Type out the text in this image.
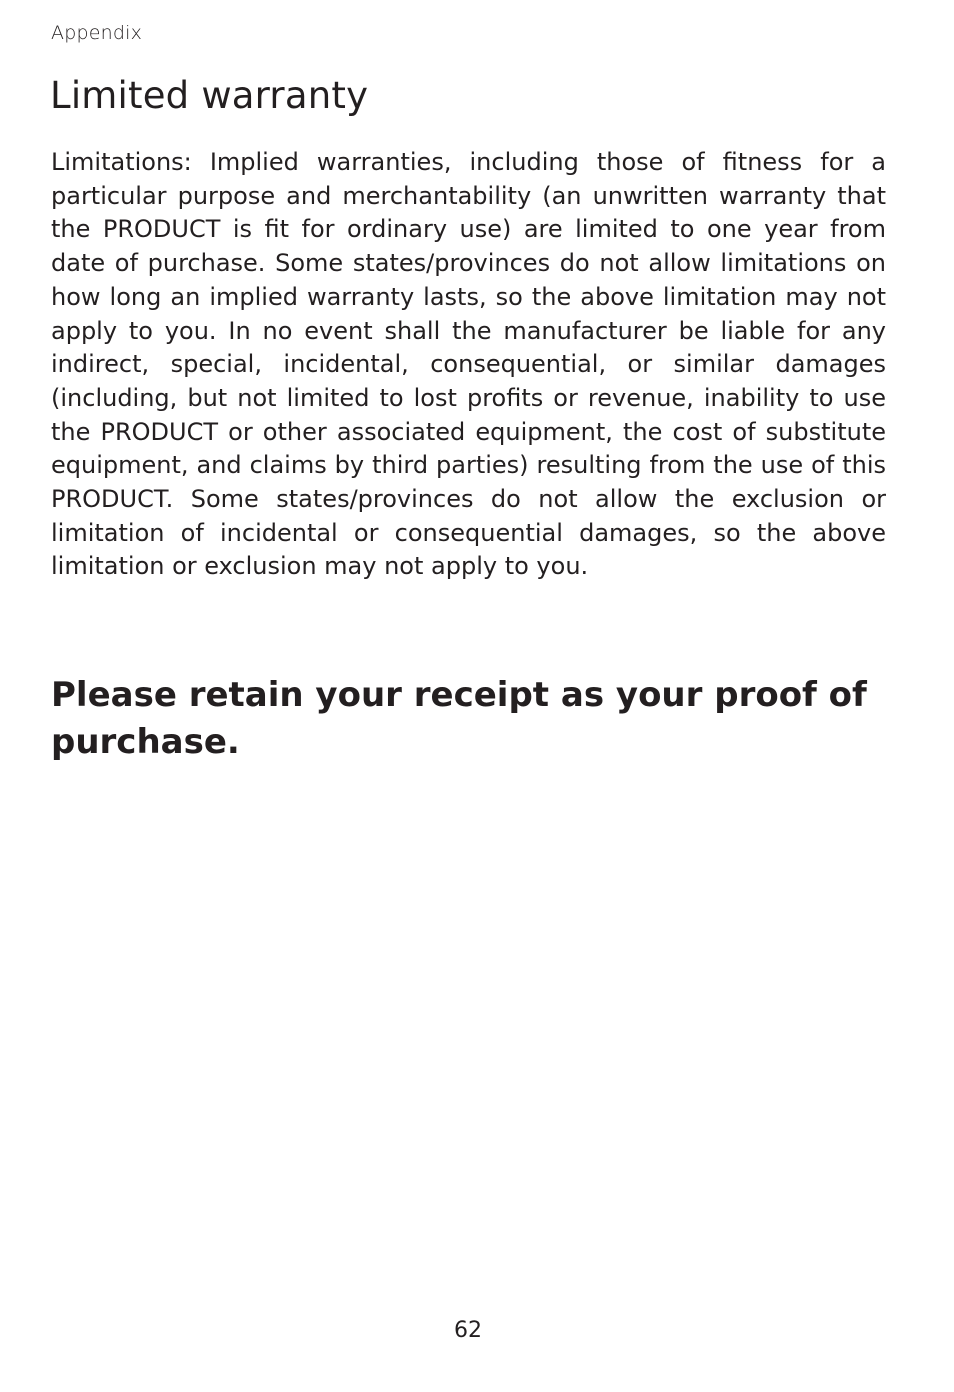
Appendix
Limited warranty

Limitations: Implied warranties, including those of fitness for a particular purpose and merchantability (an unwritten warranty that the PRODUCT is fit for ordinary use) are limited to one year from date of purchase. Some states/provinces do not allow limitations on how long an implied warranty lasts, so the above limitation may not apply to you. In no event shall the manufacturer be liable for any indirect, special, incidental, consequential, or similar damages (including, but not limited to lost profits or revenue, inability to use the PRODUCT or other associated equipment, the cost of substitute equipment, and claims by third parties) resulting from the use of this PRODUCT. Some states/provinces do not allow the exclusion or limitation of incidental or consequential damages, so the above limitation or exclusion may not apply to you.

Please retain your receipt as your proof of purchase.

62
